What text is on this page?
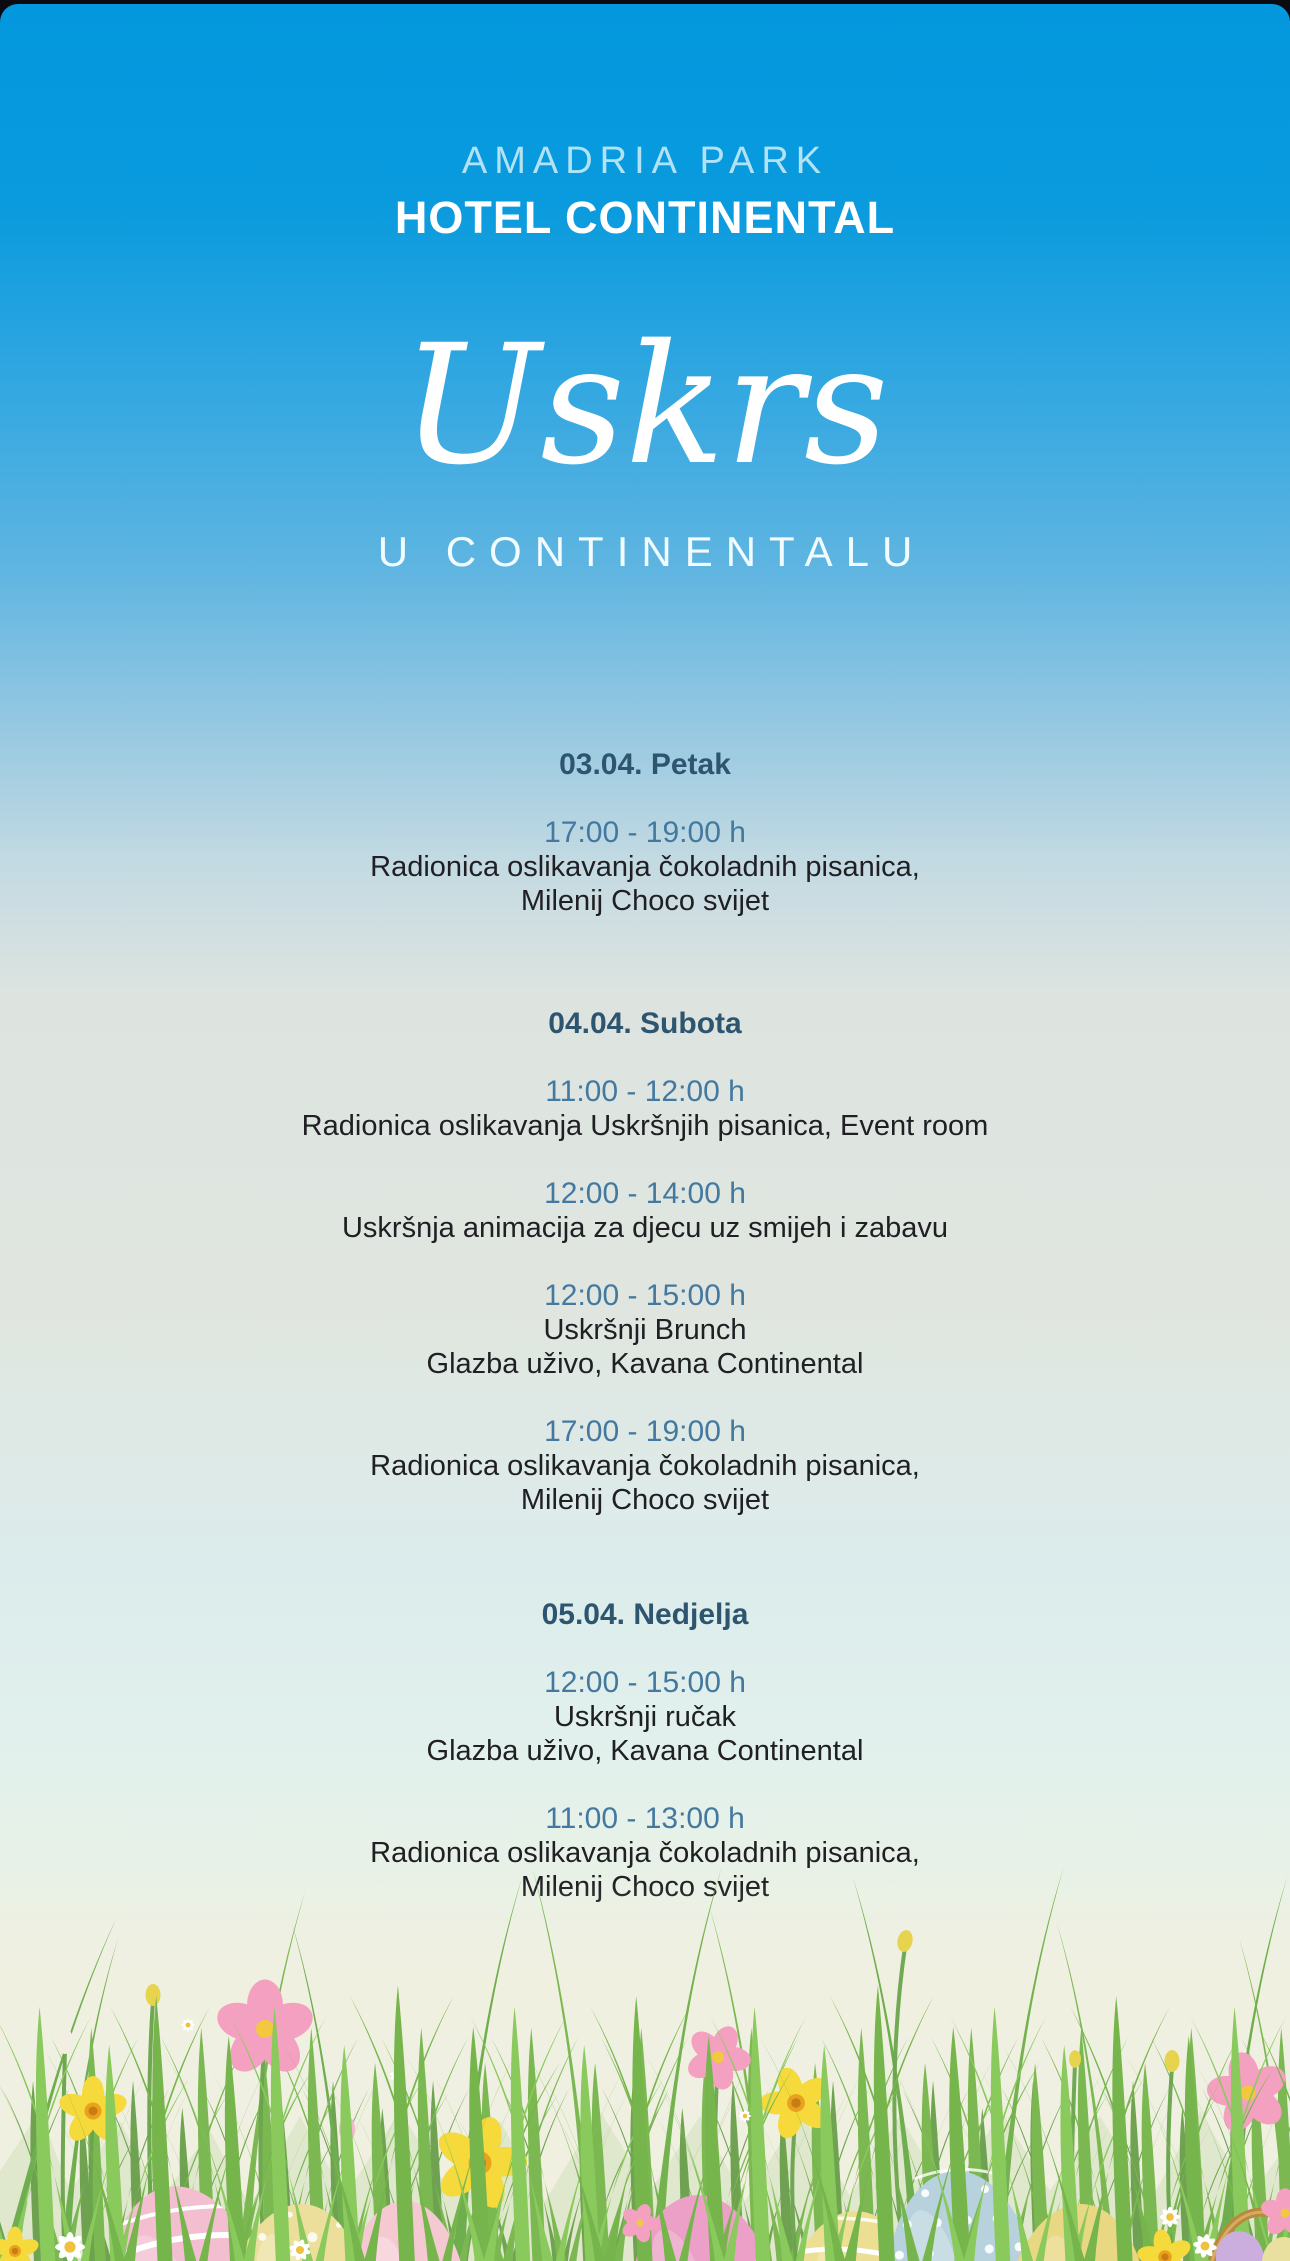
AMADRIA PARK
HOTEL CONTINENTAL
Uskrs
U CONTINENTALU
03.04. Petak
17:00 - 19:00 h
Radionica oslikavanja čokoladnih pisanica,
Milenij Choco svijet
04.04. Subota
11:00 - 12:00 h
Radionica oslikavanja Uskršnjih pisanica, Event room
12:00 - 14:00 h
Uskršnja animacija za djecu uz smijeh i zabavu
12:00 - 15:00 h
Uskršnji Brunch
Glazba uživo, Kavana Continental
17:00 - 19:00 h
Radionica oslikavanja čokoladnih pisanica,
Milenij Choco svijet
05.04. Nedjelja
12:00 - 15:00 h
Uskršnji ručak
Glazba uživo, Kavana Continental
11:00 - 13:00 h
Radionica oslikavanja čokoladnih pisanica,
